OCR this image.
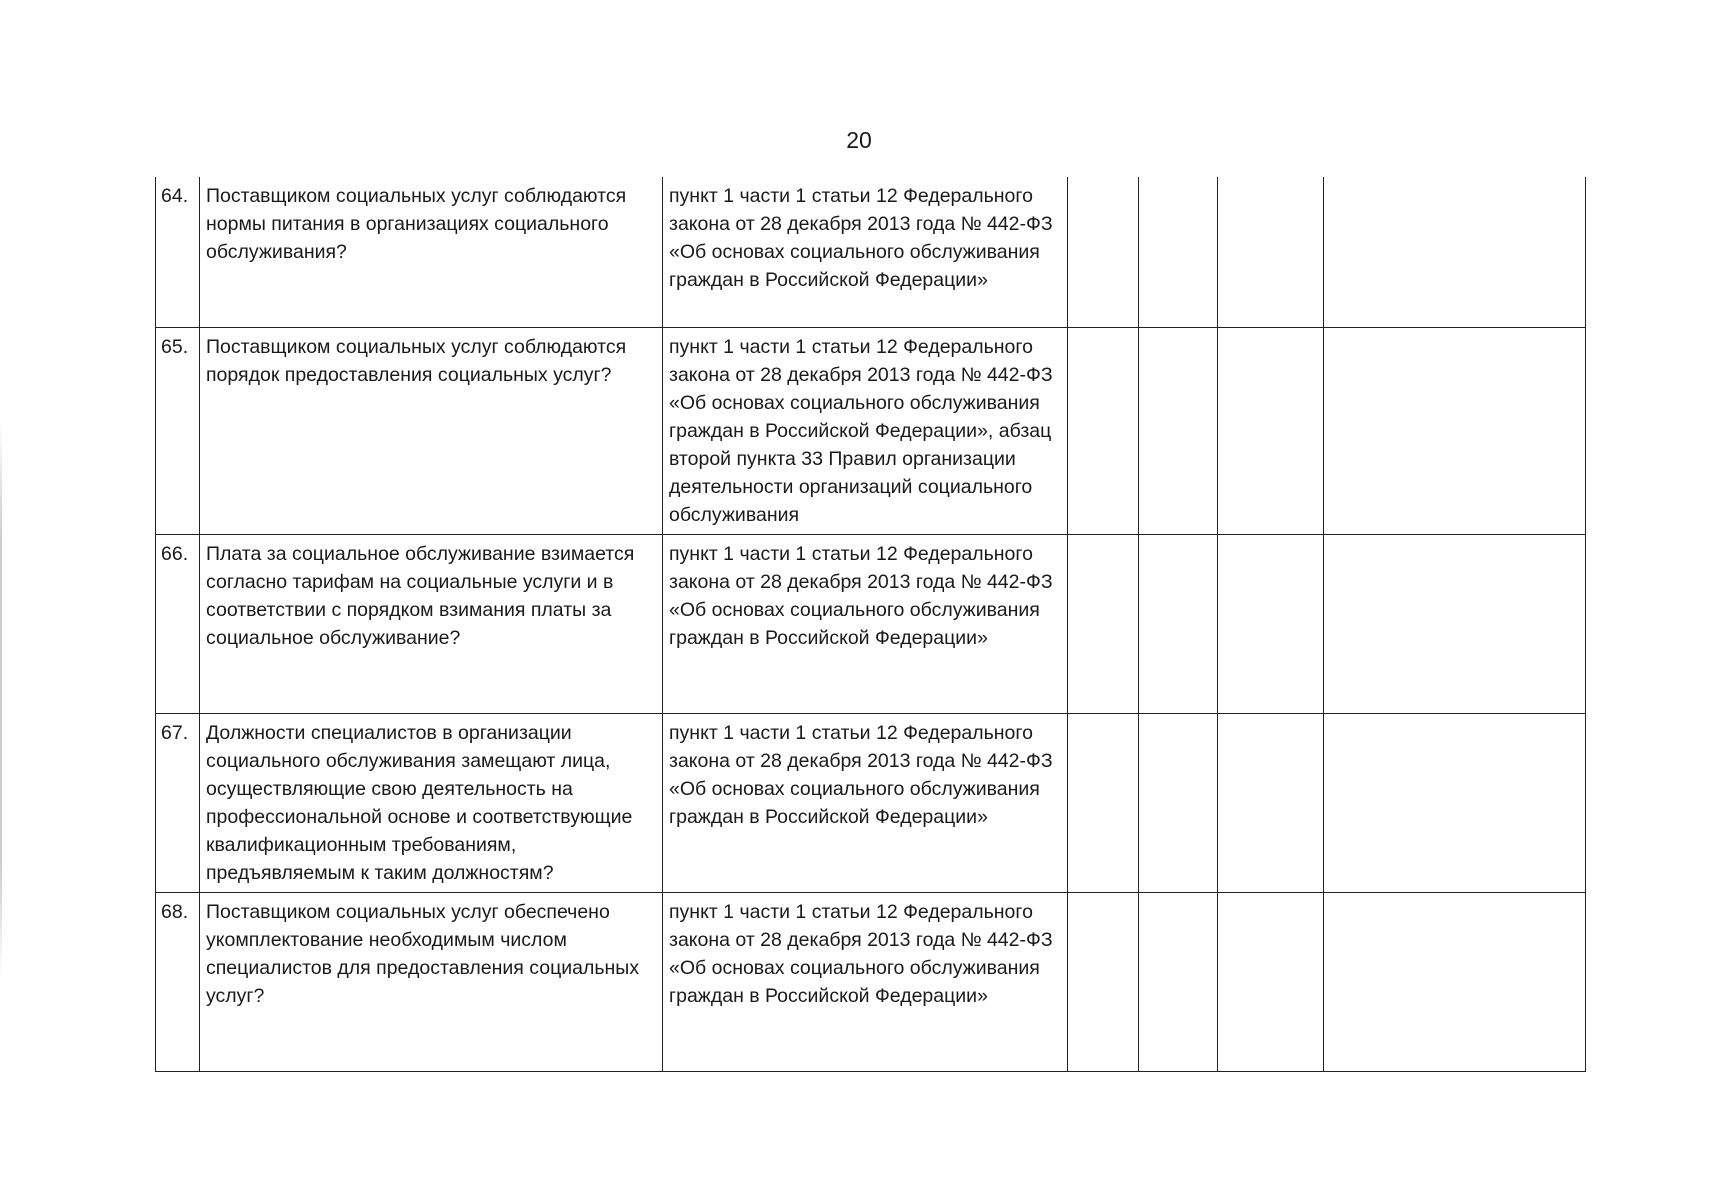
20
64.	Поставщиком социальных услуг соблюдаются нормы питания в организациях социального обслуживания?	пункт 1 части 1 статьи 12 Федерального закона от 28 декабря 2013 года № 442-ФЗ «Об основах социального обслуживания граждан в Российской Федерации»				
65.	Поставщиком социальных услуг соблюдаются порядок предоставления социальных услуг?	пункт 1 части 1 статьи 12 Федерального закона от 28 декабря 2013 года № 442-ФЗ «Об основах социального обслуживания граждан в Российской Федерации», абзац второй пункта 33 Правил организации деятельности организаций социального обслуживания				
66.	Плата за социальное обслуживание взимается согласно тарифам на социальные услуги и в соответствии с порядком взимания платы за социальное обслуживание?	пункт 1 части 1 статьи 12 Федерального закона от 28 декабря 2013 года № 442-ФЗ «Об основах социального обслуживания граждан в Российской Федерации»				
67.	Должности специалистов в организации социального обслуживания замещают лица, осуществляющие свою деятельность на профессиональной основе и соответствующие квалификационным требованиям, предъявляемым к таким должностям?	пункт 1 части 1 статьи 12 Федерального закона от 28 декабря 2013 года № 442-ФЗ «Об основах социального обслуживания граждан в Российской Федерации»				
68.	Поставщиком социальных услуг обеспечено укомплектование необходимым числом специалистов для предоставления социальных услуг?	пункт 1 части 1 статьи 12 Федерального закона от 28 декабря 2013 года № 442-ФЗ «Об основах социального обслуживания граждан в Российской Федерации»				
